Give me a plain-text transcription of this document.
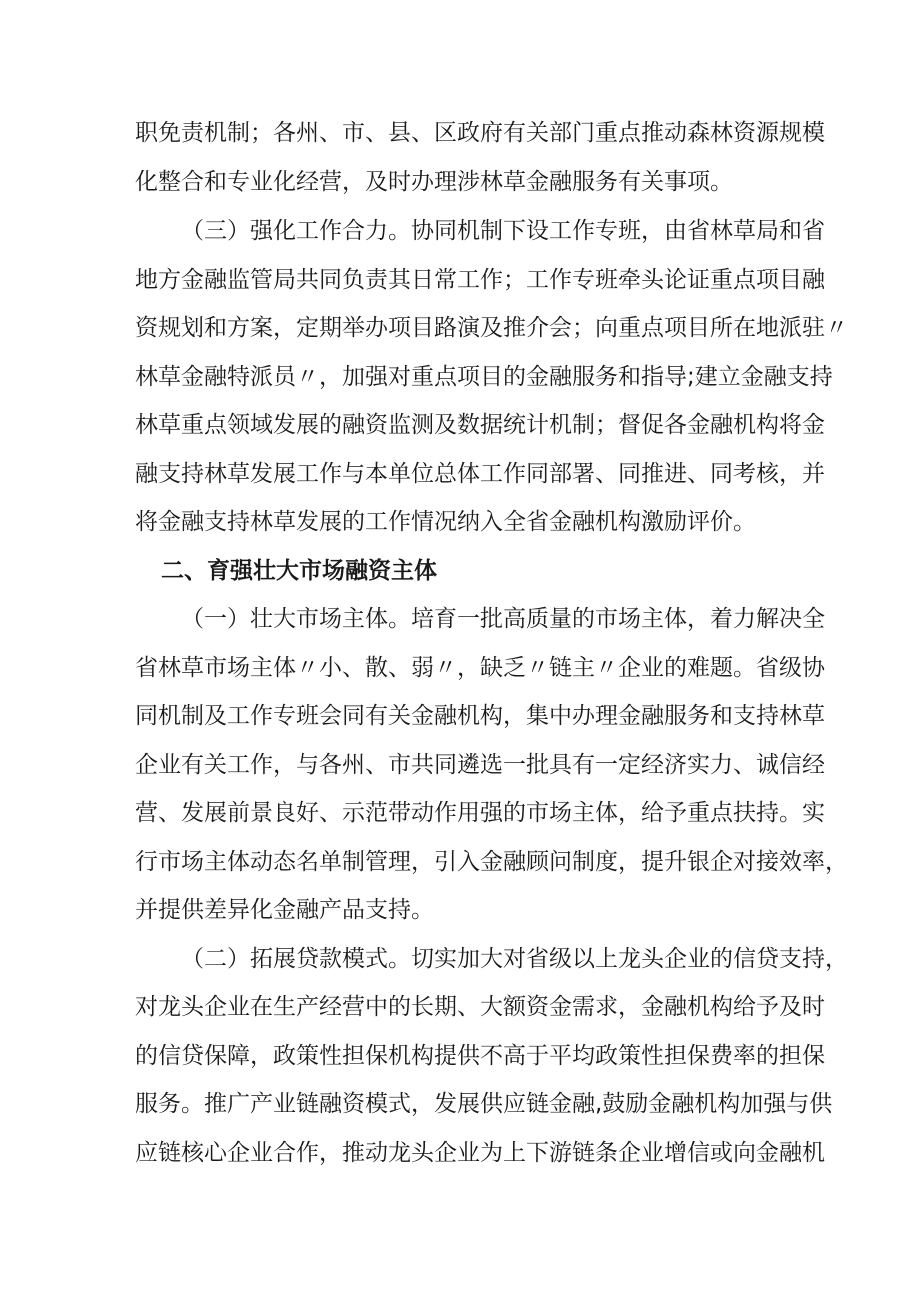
职免责机制；各州、市、县、区政府有关部门重点推动森林资源规模
化整合和专业化经营，及时办理涉林草金融服务有关事项。
（三）强化工作合力。协同机制下设工作专班，由省林草局和省
地方金融监管局共同负责其日常工作；工作专班牵头论证重点项目融
资规划和方案，定期举办项目路演及推介会；向重点项目所在地派驻〃
林草金融特派员〃，加强对重点项目的金融服务和指导;建立金融支持
林草重点领域发展的融资监测及数据统计机制；督促各金融机构将金
融支持林草发展工作与本单位总体工作同部署、同推进、同考核，并
将金融支持林草发展的工作情况纳入全省金融机构激励评价。
二、育强壮大市场融资主体
（一）壮大市场主体。培育一批高质量的市场主体，着力解决全
省林草市场主体〃小、散、弱〃，缺乏〃链主〃企业的难题。省级协
同机制及工作专班会同有关金融机构，集中办理金融服务和支持林草
企业有关工作，与各州、市共同遴选一批具有一定经济实力、诚信经
营、发展前景良好、示范带动作用强的市场主体，给予重点扶持。实
行市场主体动态名单制管理，引入金融顾问制度，提升银企对接效率，
并提供差异化金融产品支持。
（二）拓展贷款模式。切实加大对省级以上龙头企业的信贷支持，
对龙头企业在生产经营中的长期、大额资金需求，金融机构给予及时
的信贷保障，政策性担保机构提供不高于平均政策性担保费率的担保
服务。推广产业链融资模式，发展供应链金融,鼓励金融机构加强与供
应链核心企业合作，推动龙头企业为上下游链条企业增信或向金融机
